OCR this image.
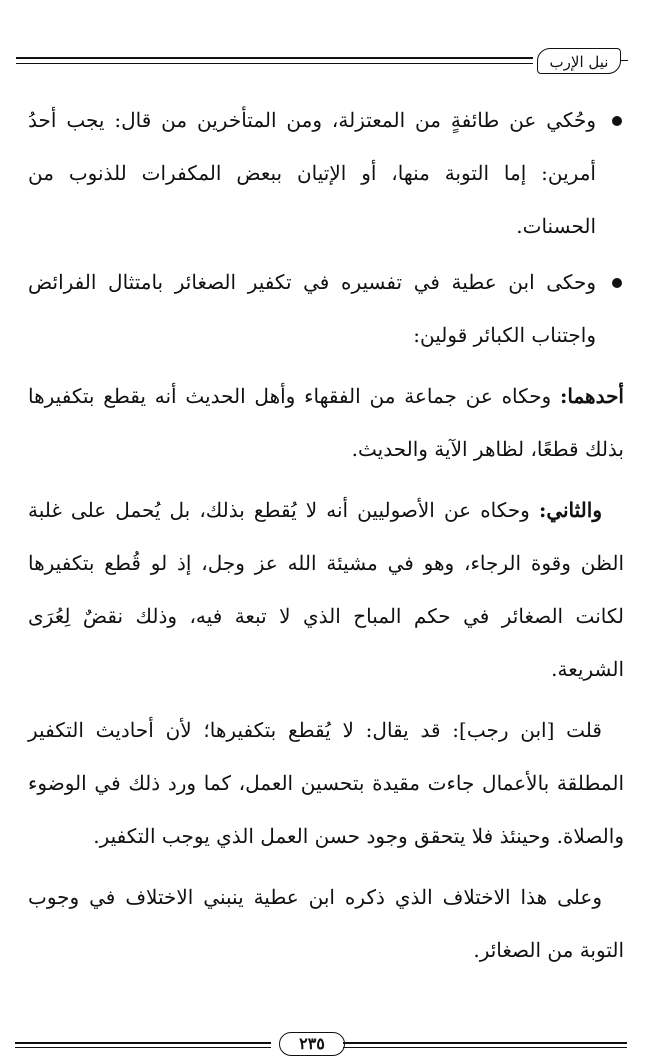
نيل الإرب

وحُكي عن طائفةٍ من المعتزلة، ومن المتأخرين من قال: يجب أحدُ أمرين: إما التوبة منها، أو الإتيان ببعض المكفرات للذنوب من الحسنات.

وحكى ابن عطية في تفسيره في تكفير الصغائر بامتثال الفرائض واجتناب الكبائر قولين:

أحدهما: وحكاه عن جماعة من الفقهاء وأهل الحديث أنه يقطع بتكفيرها بذلك قطعًا، لظاهر الآية والحديث.

والثاني: وحكاه عن الأصوليين أنه لا يُقطع بذلك، بل يُحمل على غلبة الظن وقوة الرجاء، وهو في مشيئة الله عز وجل، إذ لو قُطع بتكفيرها لكانت الصغائر في حكم المباح الذي لا تبعة فيه، وذلك نقضٌ لِعُرَى الشريعة.

قلت [ابن رجب]: قد يقال: لا يُقطع بتكفيرها؛ لأن أحاديث التكفير المطلقة بالأعمال جاءت مقيدة بتحسين العمل، كما ورد ذلك في الوضوء والصلاة. وحينئذ فلا يتحقق وجود حسن العمل الذي يوجب التكفير.

وعلى هذا الاختلاف الذي ذكره ابن عطية ينبني الاختلاف في وجوب التوبة من الصغائر.

٢٣٥
